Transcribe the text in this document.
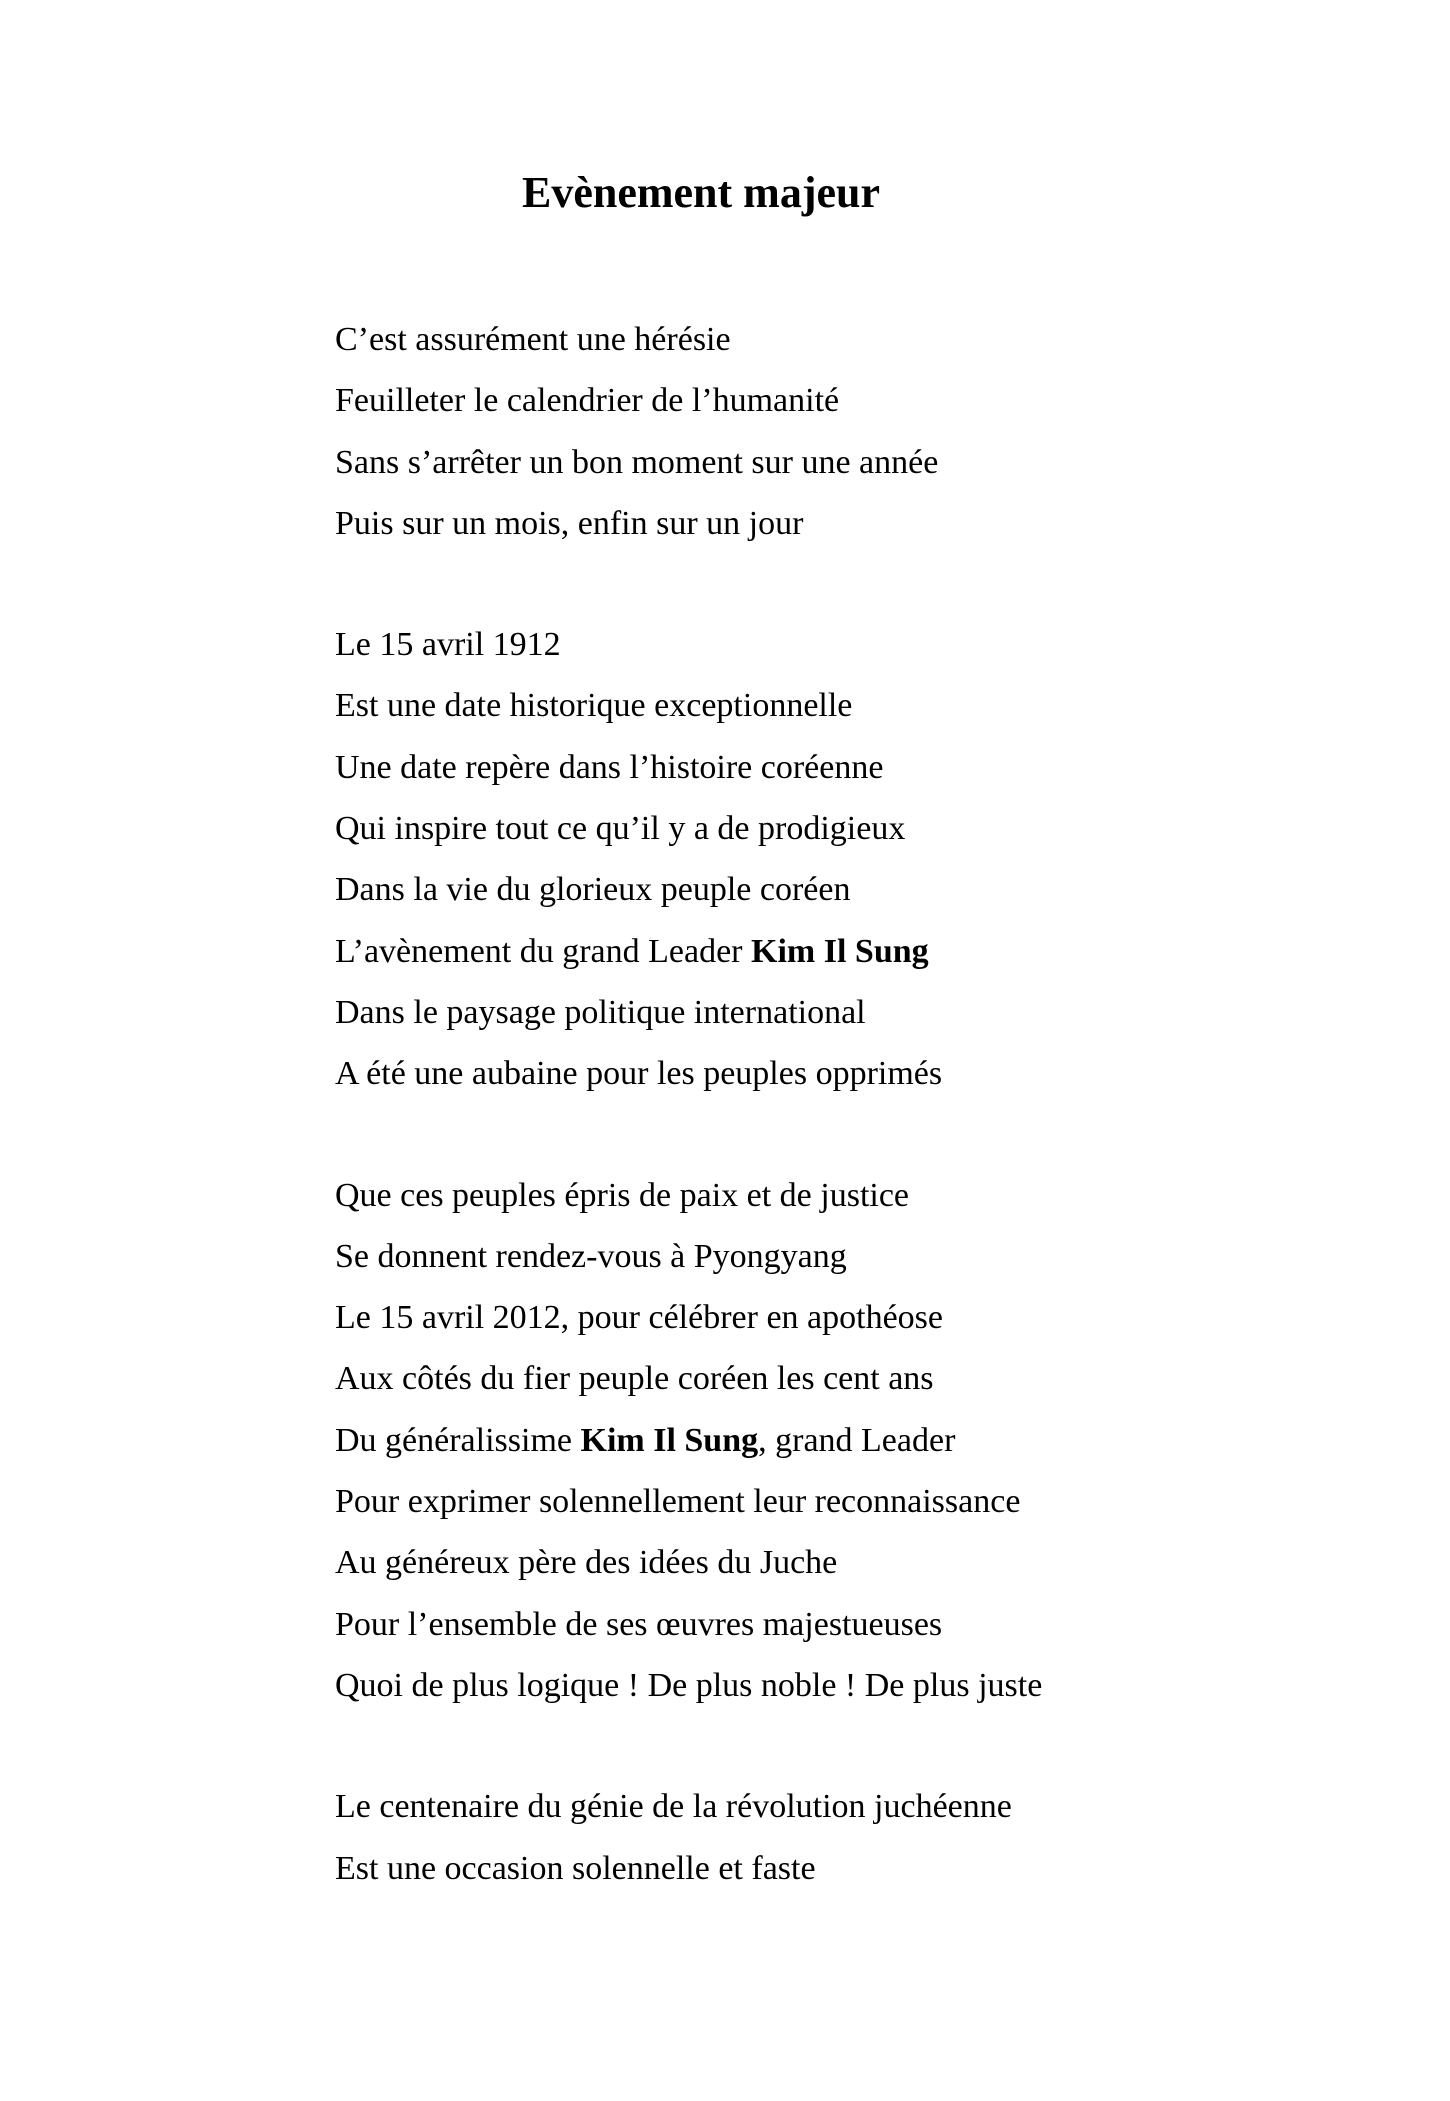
Evènement majeur
C’est assurément une hérésie
Feuilleter le calendrier de l’humanité
Sans s’arrêter un bon moment sur une année
Puis sur un mois, enfin sur un jour
Le 15 avril 1912
Est une date historique exceptionnelle
Une date repère dans l’histoire coréenne
Qui inspire tout ce qu’il y a de prodigieux
Dans la vie du glorieux peuple coréen
L’avènement du grand Leader Kim Il Sung
Dans le paysage politique international
A été une aubaine pour les peuples opprimés
Que ces peuples épris de paix et de justice
Se donnent rendez-vous à Pyongyang
Le 15 avril 2012, pour célébrer en apothéose
Aux côtés du fier peuple coréen les cent ans
Du généralissime Kim Il Sung, grand Leader
Pour exprimer solennellement leur reconnaissance
Au généreux père des idées du Juche
Pour l’ensemble de ses œuvres majestueuses
Quoi de plus logique ! De plus noble ! De plus juste
Le centenaire du génie de la révolution juchéenne
Est une occasion solennelle et faste
